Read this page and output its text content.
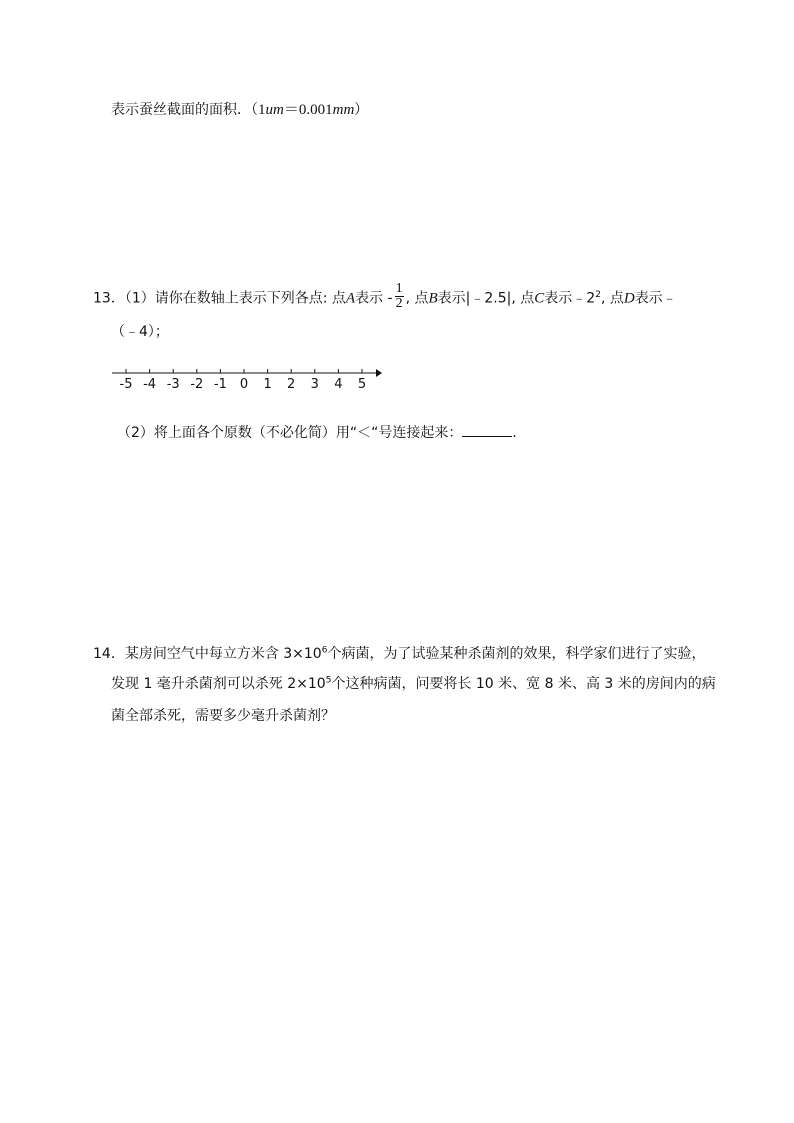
表示蚕丝截面的面积．（1um＝0.001mm）
13．（1）请你在数轴上表示下列各点: 点A表示 - $\frac{1}{2}$ , 点B表示|﹣2.5|, 点C表示$﹣2^2$, 点D表示﹣
（﹣4）；
-5 -4 -3 -2 -1 0 1 2 3 4 5
（2）将上面各个原数（不必化简）用“＜“号连接起来：	．
14．某房间空气中每立方米含 $3\times 10^6$个病菌，为了试验某种杀菌剂的效果，科学家们进行了实验，
发现 1 毫升杀菌剂可以杀死 $2\times 10^5$个这种病菌，问要将长 10 米、宽 8 米、高 3 米的房间内的病
菌全部杀死，需要多少毫升杀菌剂？
